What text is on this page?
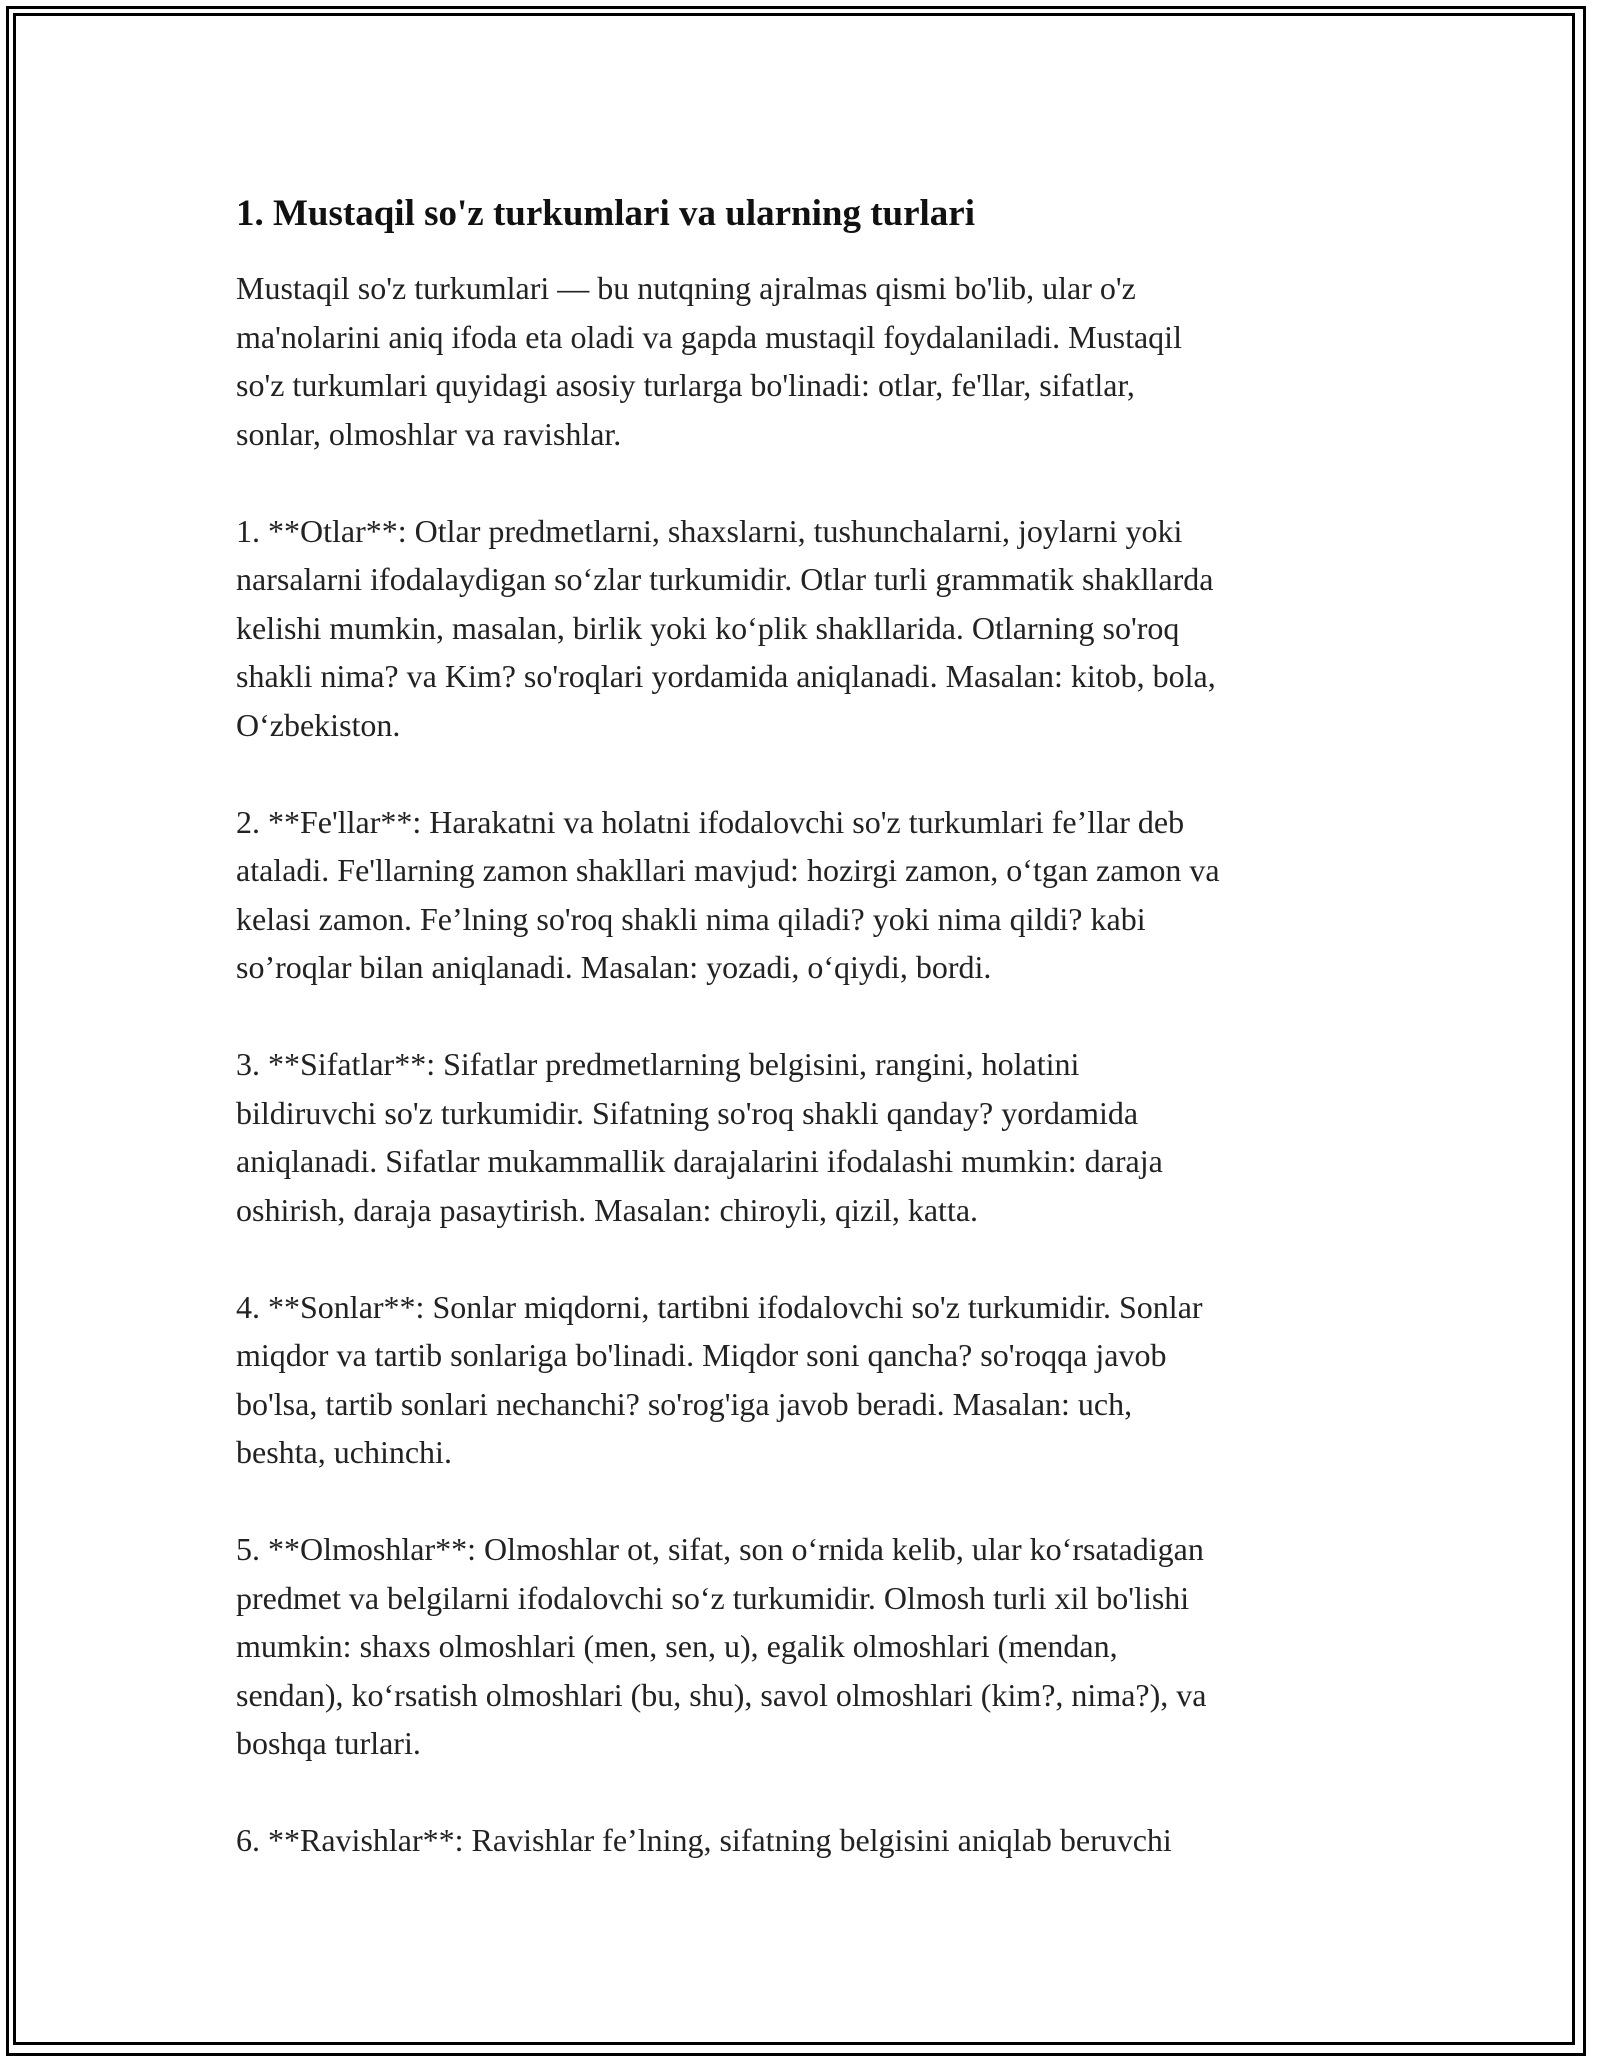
1. Mustaqil so'z turkumlari va ularning turlari

Mustaqil so'z turkumlari — bu nutqning ajralmas qismi bo'lib, ular o'z
ma'nolarini aniq ifoda eta oladi va gapda mustaqil foydalaniladi. Mustaqil
so'z turkumlari quyidagi asosiy turlarga bo'linadi: otlar, fe'llar, sifatlar,
sonlar, olmoshlar va ravishlar.

1. **Otlar**: Otlar predmetlarni, shaxslarni, tushunchalarni, joylarni yoki
narsalarni ifodalaydigan so‘zlar turkumidir. Otlar turli grammatik shakllarda
kelishi mumkin, masalan, birlik yoki ko‘plik shakllarida. Otlarning so'roq
shakli nima? va Kim? so'roqlari yordamida aniqlanadi. Masalan: kitob, bola,
O‘zbekiston.

2. **Fe'llar**: Harakatni va holatni ifodalovchi so'z turkumlari fe’llar deb
ataladi. Fe'llarning zamon shakllari mavjud: hozirgi zamon, o‘tgan zamon va
kelasi zamon. Fe’lning so'roq shakli nima qiladi? yoki nima qildi? kabi
so’roqlar bilan aniqlanadi. Masalan: yozadi, o‘qiydi, bordi.

3. **Sifatlar**: Sifatlar predmetlarning belgisini, rangini, holatini
bildiruvchi so'z turkumidir. Sifatning so'roq shakli qanday? yordamida
aniqlanadi. Sifatlar mukammallik darajalarini ifodalashi mumkin: daraja
oshirish, daraja pasaytirish. Masalan: chiroyli, qizil, katta.

4. **Sonlar**: Sonlar miqdorni, tartibni ifodalovchi so'z turkumidir. Sonlar
miqdor va tartib sonlariga bo'linadi. Miqdor soni qancha? so'roqqa javob
bo'lsa, tartib sonlari nechanchi? so'rog'iga javob beradi. Masalan: uch,
beshta, uchinchi.

5. **Olmoshlar**: Olmoshlar ot, sifat, son o‘rnida kelib, ular ko‘rsatadigan
predmet va belgilarni ifodalovchi so‘z turkumidir. Olmosh turli xil bo'lishi
mumkin: shaxs olmoshlari (men, sen, u), egalik olmoshlari (mendan,
sendan), ko‘rsatish olmoshlari (bu, shu), savol olmoshlari (kim?, nima?), va
boshqa turlari.

6. **Ravishlar**: Ravishlar fe’lning, sifatning belgisini aniqlab beruvchi
